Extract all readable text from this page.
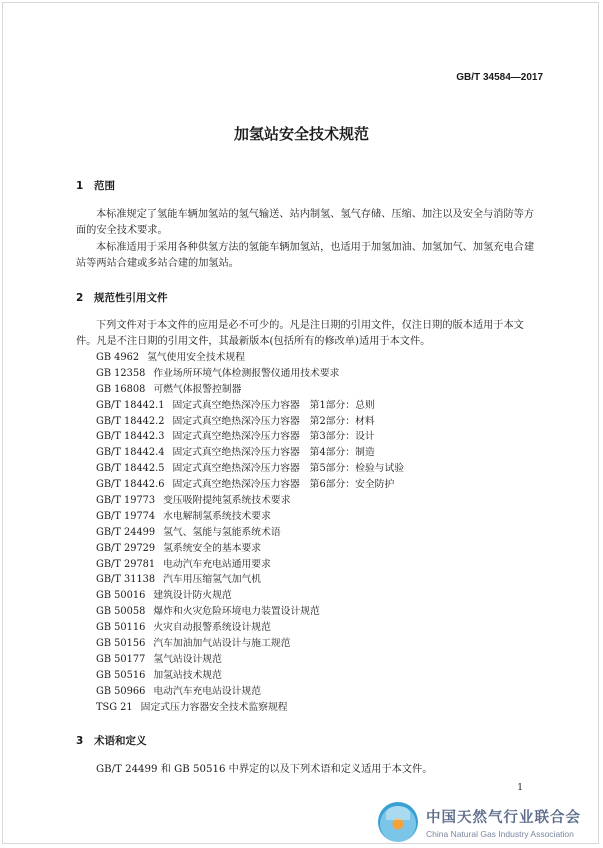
GB/T 34584—2017
加氢站安全技术规范
1 范围
本标准规定了氢能车辆加氢站的氢气输送、站内制氢、氢气存储、压缩、加注以及安全与消防等方面的安全技术要求。
本标准适用于采用各种供氢方法的氢能车辆加氢站，也适用于加氢加油、加氢加气、加氢充电合建站等两站合建或多站合建的加氢站。
2 规范性引用文件
下列文件对于本文件的应用是必不可少的。凡是注日期的引用文件，仅注日期的版本适用于本文件。凡是不注日期的引用文件，其最新版本(包括所有的修改单)适用于本文件。
GB 4962 氢气使用安全技术规程
GB 12358 作业场所环境气体检测报警仪通用技术要求
GB 16808 可燃气体报警控制器
GB/T 18442.1 固定式真空绝热深冷压力容器　第1部分：总则
GB/T 18442.2 固定式真空绝热深冷压力容器　第2部分：材料
GB/T 18442.3 固定式真空绝热深冷压力容器　第3部分：设计
GB/T 18442.4 固定式真空绝热深冷压力容器　第4部分：制造
GB/T 18442.5 固定式真空绝热深冷压力容器　第5部分：检验与试验
GB/T 18442.6 固定式真空绝热深冷压力容器　第6部分：安全防护
GB/T 19773 变压吸附提纯氢系统技术要求
GB/T 19774 水电解制氢系统技术要求
GB/T 24499 氢气、氢能与氢能系统术语
GB/T 29729 氢系统安全的基本要求
GB/T 29781 电动汽车充电站通用要求
GB/T 31138 汽车用压缩氢气加气机
GB 50016 建筑设计防火规范
GB 50058 爆炸和火灾危险环境电力装置设计规范
GB 50116 火灾自动报警系统设计规范
GB 50156 汽车加油加气站设计与施工规范
GB 50177 氢气站设计规范
GB 50516 加氢站技术规范
GB 50966 电动汽车充电站设计规范
TSG 21 固定式压力容器安全技术监察规程
3 术语和定义
GB/T 24499 和 GB 50516 中界定的以及下列术语和定义适用于本文件。
1
中国天然气行业联合会
China Natural Gas Industry Association
